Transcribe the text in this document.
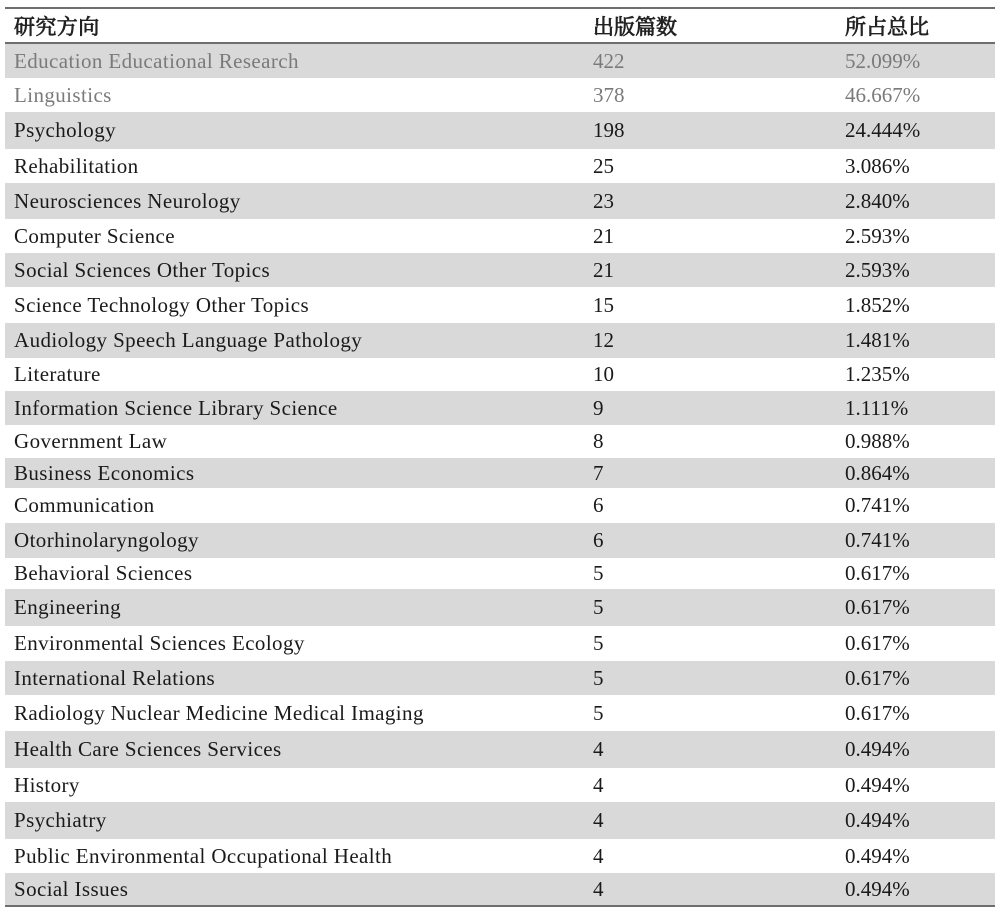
研究方向	出版篇数	所占总比
Education Educational Research	422	52.099%
Linguistics	378	46.667%
Psychology	198	24.444%
Rehabilitation	25	3.086%
Neurosciences Neurology	23	2.840%
Computer Science	21	2.593%
Social Sciences Other Topics	21	2.593%
Science Technology Other Topics	15	1.852%
Audiology Speech Language Pathology	12	1.481%
Literature	10	1.235%
Information Science Library Science	9	1.111%
Government Law	8	0.988%
Business Economics	7	0.864%
Communication	6	0.741%
Otorhinolaryngology	6	0.741%
Behavioral Sciences	5	0.617%
Engineering	5	0.617%
Environmental Sciences Ecology	5	0.617%
International Relations	5	0.617%
Radiology Nuclear Medicine Medical Imaging	5	0.617%
Health Care Sciences Services	4	0.494%
History	4	0.494%
Psychiatry	4	0.494%
Public Environmental Occupational Health	4	0.494%
Social Issues	4	0.494%
